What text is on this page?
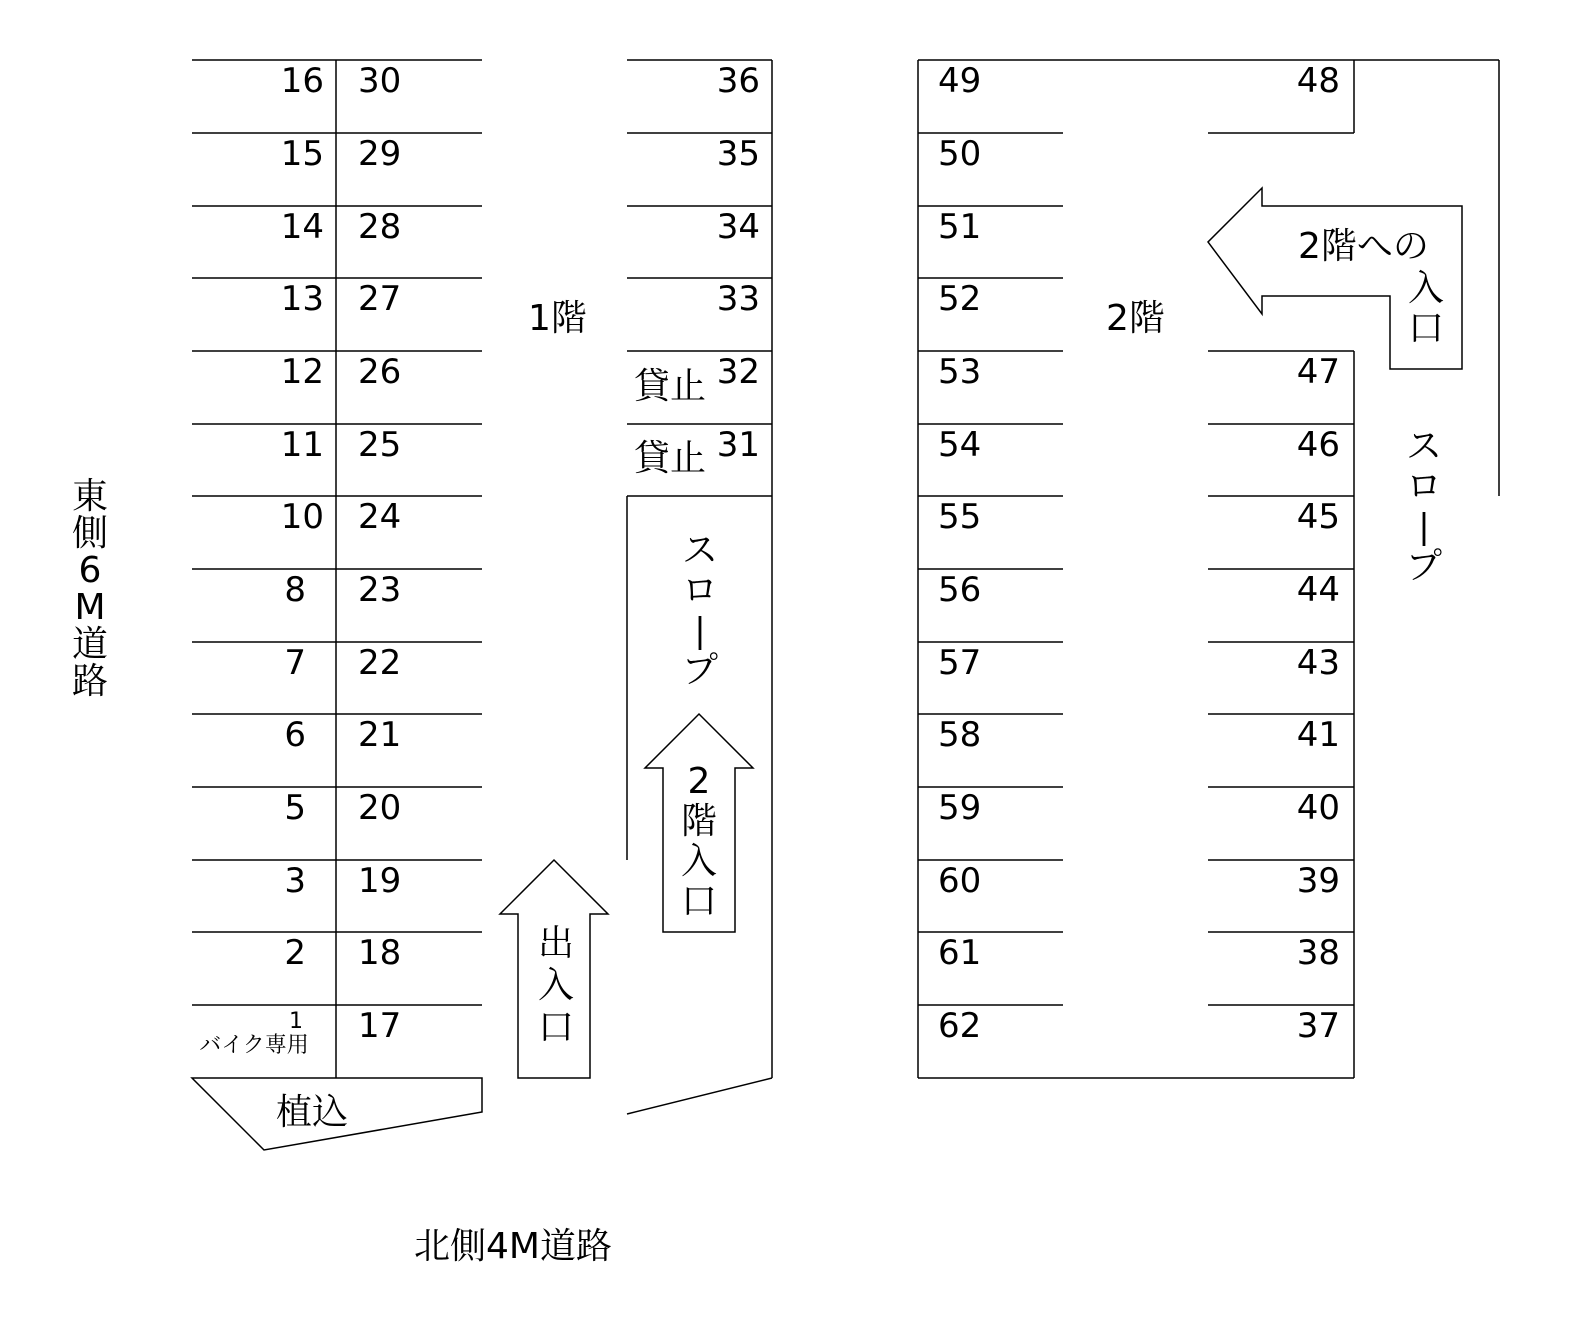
16
15
14
13
12
11
10
8
7
6
5
3
2
1
バイク専用
30
29
28
27
26
25
24
23
22
21
20
19
18
17
36
35
34
33
32
31
貸止
貸止
1階	2階
植込
49
50
51
52
53
54
55
56
57
58
59
60
61
62
48
47
46
45
44
43
41
40
39
38
37
北側4M道路
東
側
6
M
道
路
出
入
口
ス
ロ
|
プ
2
階
入
口
ス
ロ
|
プ
2階への
入
口
